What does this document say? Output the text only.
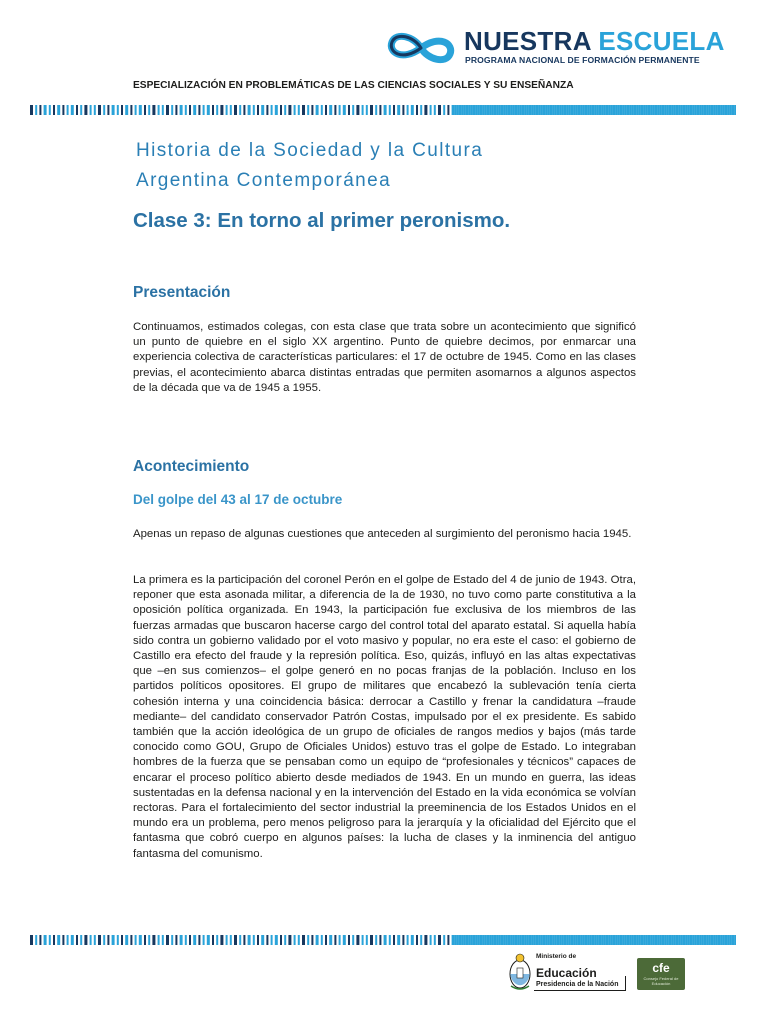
NUESTRA ESCUELA
PROGRAMA NACIONAL DE FORMACIÓN PERMANENTE
ESPECIALIZACIÓN EN PROBLEMÁTICAS DE LAS CIENCIAS SOCIALES Y SU ENSEÑANZA
Historia de la Sociedad y la Cultura
Argentina Contemporánea
Clase 3: En torno al primer peronismo.
Presentación

Continuamos, estimados colegas, con esta clase que trata sobre un acontecimiento que significó un punto de quiebre en el siglo XX argentino. Punto de quiebre decimos, por enmarcar una experiencia colectiva de características particulares: el 17 de octubre de 1945. Como en las clases previas, el acontecimiento abarca distintas entradas que permiten asomarnos a algunos aspectos de la década que va de 1945 a 1955.

Acontecimiento
Del golpe del 43 al 17 de octubre

Apenas un repaso de algunas cuestiones que anteceden al surgimiento del peronismo hacia 1945.

La primera es la participación del coronel Perón en el golpe de Estado del 4 de junio de 1943. Otra, reponer que esta asonada militar, a diferencia de la de 1930, no tuvo como parte constitutiva a la oposición política organizada. En 1943, la participación fue exclusiva de los miembros de las fuerzas armadas que buscaron hacerse cargo del control total del aparato estatal. Si aquella había sido contra un gobierno validado por el voto masivo y popular, no era este el caso: el gobierno de Castillo era efecto del fraude y la represión política. Eso, quizás, influyó en las altas expectativas que –en sus comienzos– el golpe generó en no pocas franjas de la población. Incluso en los partidos políticos opositores. El grupo de militares que encabezó la sublevación tenía cierta cohesión interna y una coincidencia básica: derrocar a Castillo y frenar la candidatura –fraude mediante– del candidato conservador Patrón Costas, impulsado por el ex presidente. Es sabido también que la acción ideológica de un grupo de oficiales de rangos medios y bajos (más tarde conocido como GOU, Grupo de Oficiales Unidos) estuvo tras el golpe de Estado. Lo integraban hombres de la fuerza que se pensaban como un equipo de “profesionales y técnicos” capaces de encarar el proceso político abierto desde mediados de 1943. En un mundo en guerra, las ideas sustentadas en la defensa nacional y en la intervención del Estado en la vida económica se volvían rectoras. Para el fortalecimiento del sector industrial la preeminencia de los Estados Unidos en el mundo era un problema, pero menos peligroso para la jerarquía y la oficialidad del Ejército que el fantasma que cobró cuerpo en algunos países: la lucha de clases y la inminencia del antiguo fantasma del comunismo.

Ministerio de
Educación
Presidencia de la Nación
cfe
Consejo Federal de Educación
